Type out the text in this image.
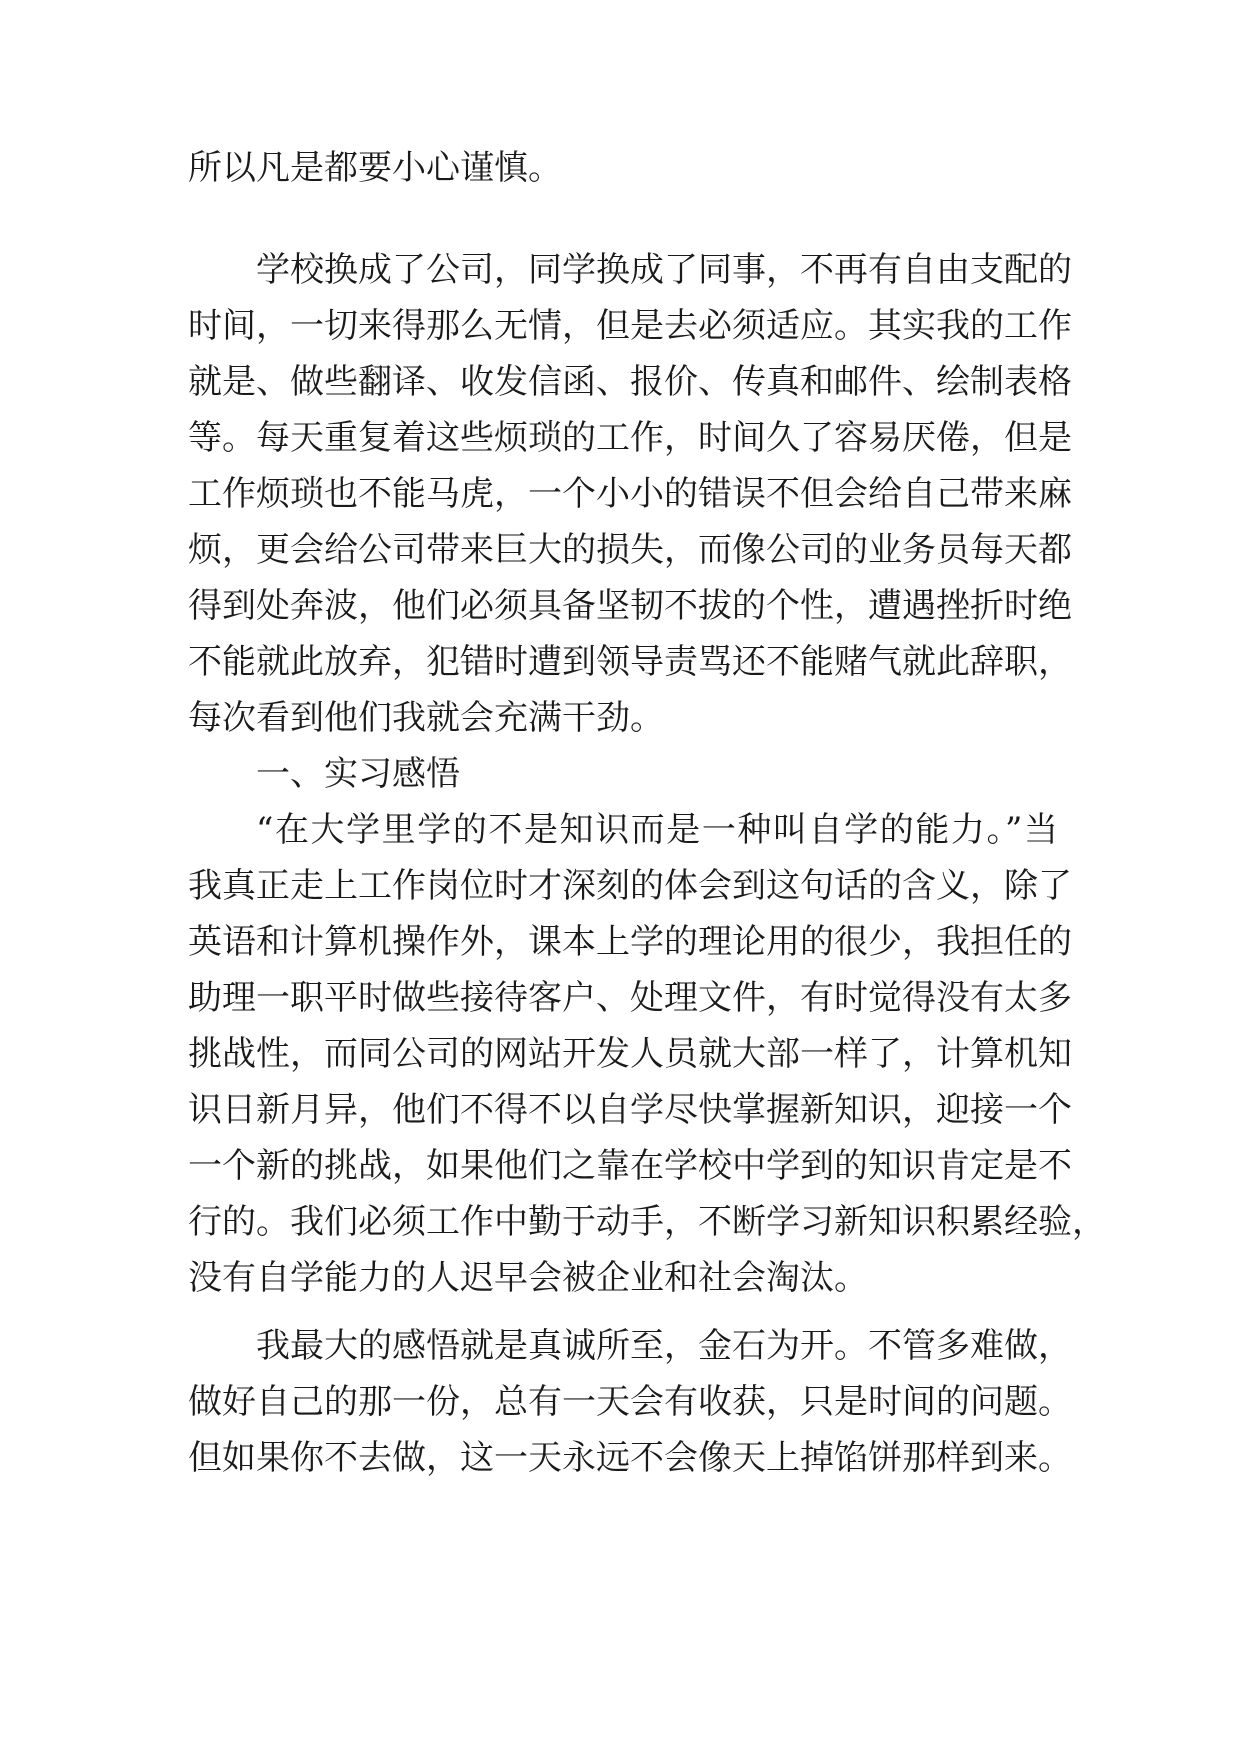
所以凡是都要小心谨慎。
学校换成了公司，同学换成了同事，不再有自由支配的
时间，一切来得那么无情，但是去必须适应。其实我的工作
就是、做些翻译、收发信函、报价、传真和邮件、绘制表格
等。每天重复着这些烦琐的工作，时间久了容易厌倦，但是
工作烦琐也不能马虎，一个小小的错误不但会给自己带来麻
烦，更会给公司带来巨大的损失，而像公司的业务员每天都
得到处奔波，他们必须具备坚韧不拔的个性，遭遇挫折时绝
不能就此放弃，犯错时遭到领导责骂还不能赌气就此辞职，
每次看到他们我就会充满干劲。
一、实习感悟
“在大学里学的不是知识而是一种叫自学的能力。”当
我真正走上工作岗位时才深刻的体会到这句话的含义，除了
英语和计算机操作外，课本上学的理论用的很少，我担任的
助理一职平时做些接待客户、处理文件，有时觉得没有太多
挑战性，而同公司的网站开发人员就大部一样了，计算机知
识日新月异，他们不得不以自学尽快掌握新知识，迎接一个
一个新的挑战，如果他们之靠在学校中学到的知识肯定是不
行的。我们必须工作中勤于动手，不断学习新知识积累经验，
没有自学能力的人迟早会被企业和社会淘汰。
我最大的感悟就是真诚所至，金石为开。不管多难做，
做好自己的那一份，总有一天会有收获，只是时间的问题。
但如果你不去做，这一天永远不会像天上掉馅饼那样到来。
